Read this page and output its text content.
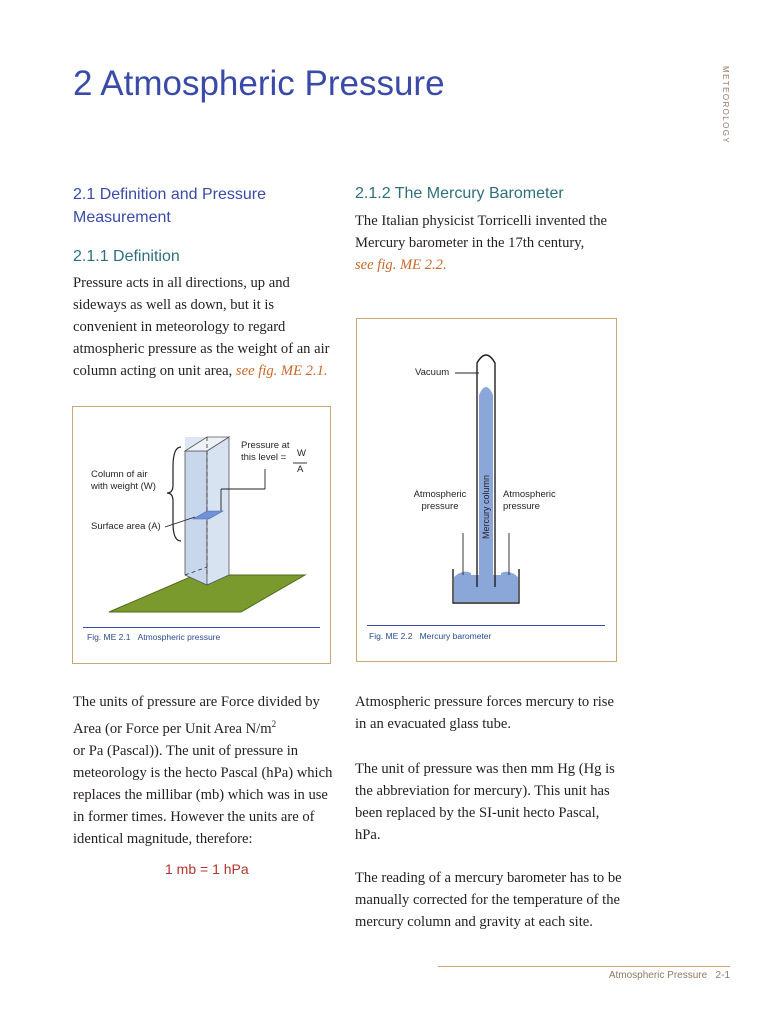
2 Atmospheric Pressure	METEOROLOGY
2.1 Definition and Pressure Measurement
2.1.1 Definition

Pressure acts in all directions, up and sideways as well as down, but it is convenient in meteorology to regard atmospheric pressure as the weight of an air column acting on unit area, see fig. ME 2.1.

Column of air
with weight (W)
Surface area (A)
Pressure at
this level =	W
A
Fig. ME 2.1 Atmospheric pressure

The units of pressure are Force divided by Area (or Force per Unit Area $N/m^2$
or Pa (Pascal)). The unit of pressure in meteorology is the hecto Pascal (hPa) which replaces the millibar (mb) which was in use in former times. However the units are of identical magnitude, therefore:

1 mb = 1 hPa
2.1.2 The Mercury Barometer

The Italian physicist Torricelli invented the Mercury barometer in the 17th century,
see fig. ME 2.2.

Vacuum
Mercury column
Atmospheric
pressure
Atmospheric
pressure
Fig. ME 2.2 Mercury barometer

Atmospheric pressure forces mercury to rise in an evacuated glass tube.

The unit of pressure was then mm Hg (Hg is the abbreviation for mercury). This unit has been replaced by the SI-unit hecto Pascal, hPa.

The reading of a mercury barometer has to be manually corrected for the temperature of the mercury column and gravity at each site.

Atmospheric Pressure 2-1
